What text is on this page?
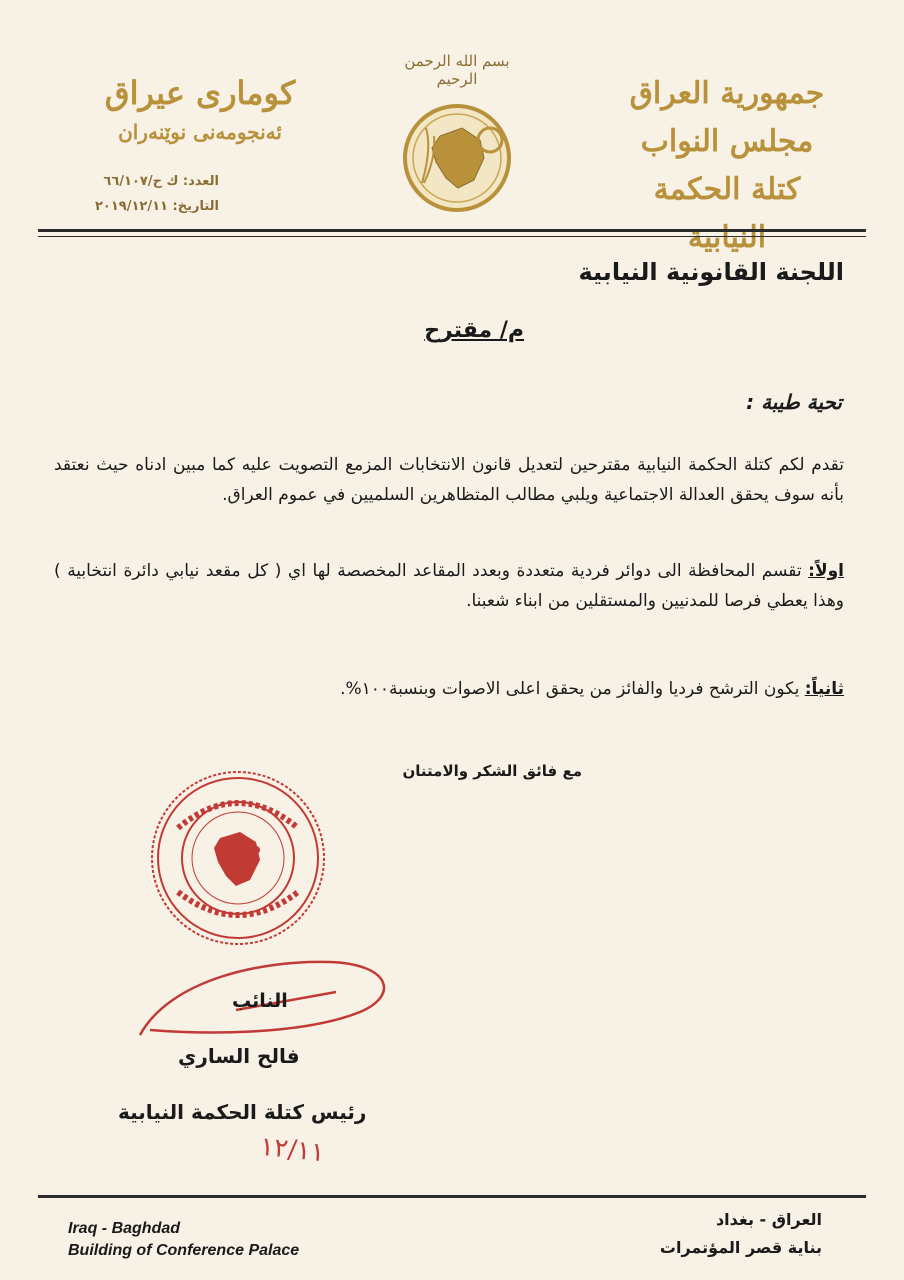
جمهورية العراق
مجلس النواب
كتلة الحكمة النيابية
بسم الله الرحمن الرحيم
كومارى عيراق
ئەنجومەنى نوێنەران
العدد: ك ح/٦٦/١٠٧
التاريخ: ٢٠١٩/١٢/١١
اللجنة القانونية النيابية
م/ مقترح
تحية طيبة :
تقدم لكم كتلة الحكمة النيابية مقترحين لتعديل قانون الانتخابات المزمع التصويت عليه كما مبين ادناه حيث نعتقد بأنه سوف يحقق العدالة الاجتماعية ويلبي مطالب المتظاهرين السلميين في عموم العراق.
اولاً: تقسم المحافظة الى دوائر فردية متعددة وبعدد المقاعد المخصصة لها اي ( كل مقعد نيابي دائرة انتخابية ) وهذا يعطي فرصا للمدنيين والمستقلين من ابناء شعبنا.
ثانياً: يكون الترشح فرديا والفائز من يحقق اعلى الاصوات وبنسبة١٠٠%.
مع فائق الشكر والامتنان
النائب
فالح الساري
رئيس كتلة الحكمة النيابية
١٢/١١
Iraq - Baghdad
Building of Conference Palace
العراق - بغداد
بناية قصر المؤتمرات
